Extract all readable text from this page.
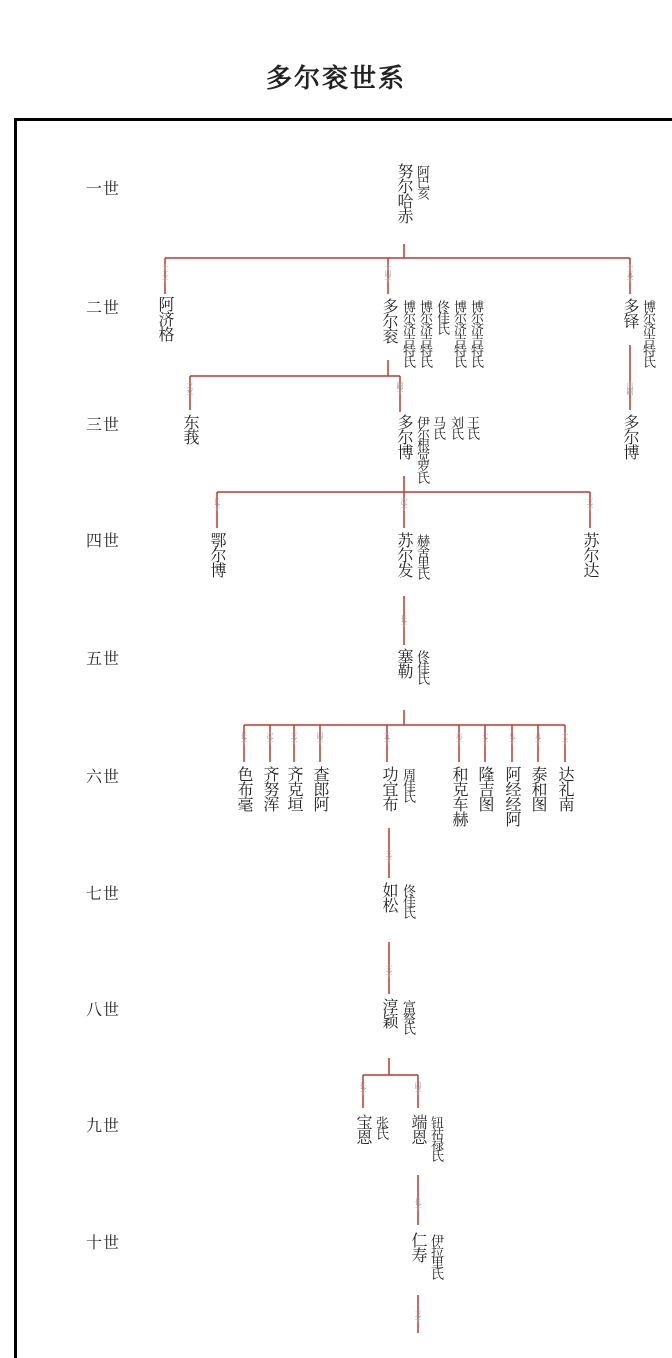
多尔衮世系
一世
二世
三世
四世
五世
六世
七世
八世
九世
十世
努尔哈赤 阿巴亥
十二子
阿济格
十四子
多尔衮 博尔济吉特氏 博尔济吉特氏 佟佳氏 博尔济吉特氏 博尔济吉特氏
十五子
多铎 博尔济吉特氏
之女
东莪
嗣子
多尔博 伊尔根觉罗氏 马氏 刘氏 王氏
出嗣
多尔博
长子
鄂尔博
次子
苏尔发 赫舍里氏
三子
苏尔达
长子
塞勒 佟佳氏
长子
色布毫
次子
齐努浑
三子
齐克垣
四子
查郎阿
五子
功宜布 周佳氏
六子
和克车赫
七子
隆吉图
八子
阿经经阿
九子
泰和图
十子
达礼南
三子
如松 佟佳氏
三子
淳颖 富察氏
长子
宝恩 张氏
四子
端恩 钮祜禄氏
长子
仁寿 伊拉里氏
三子
